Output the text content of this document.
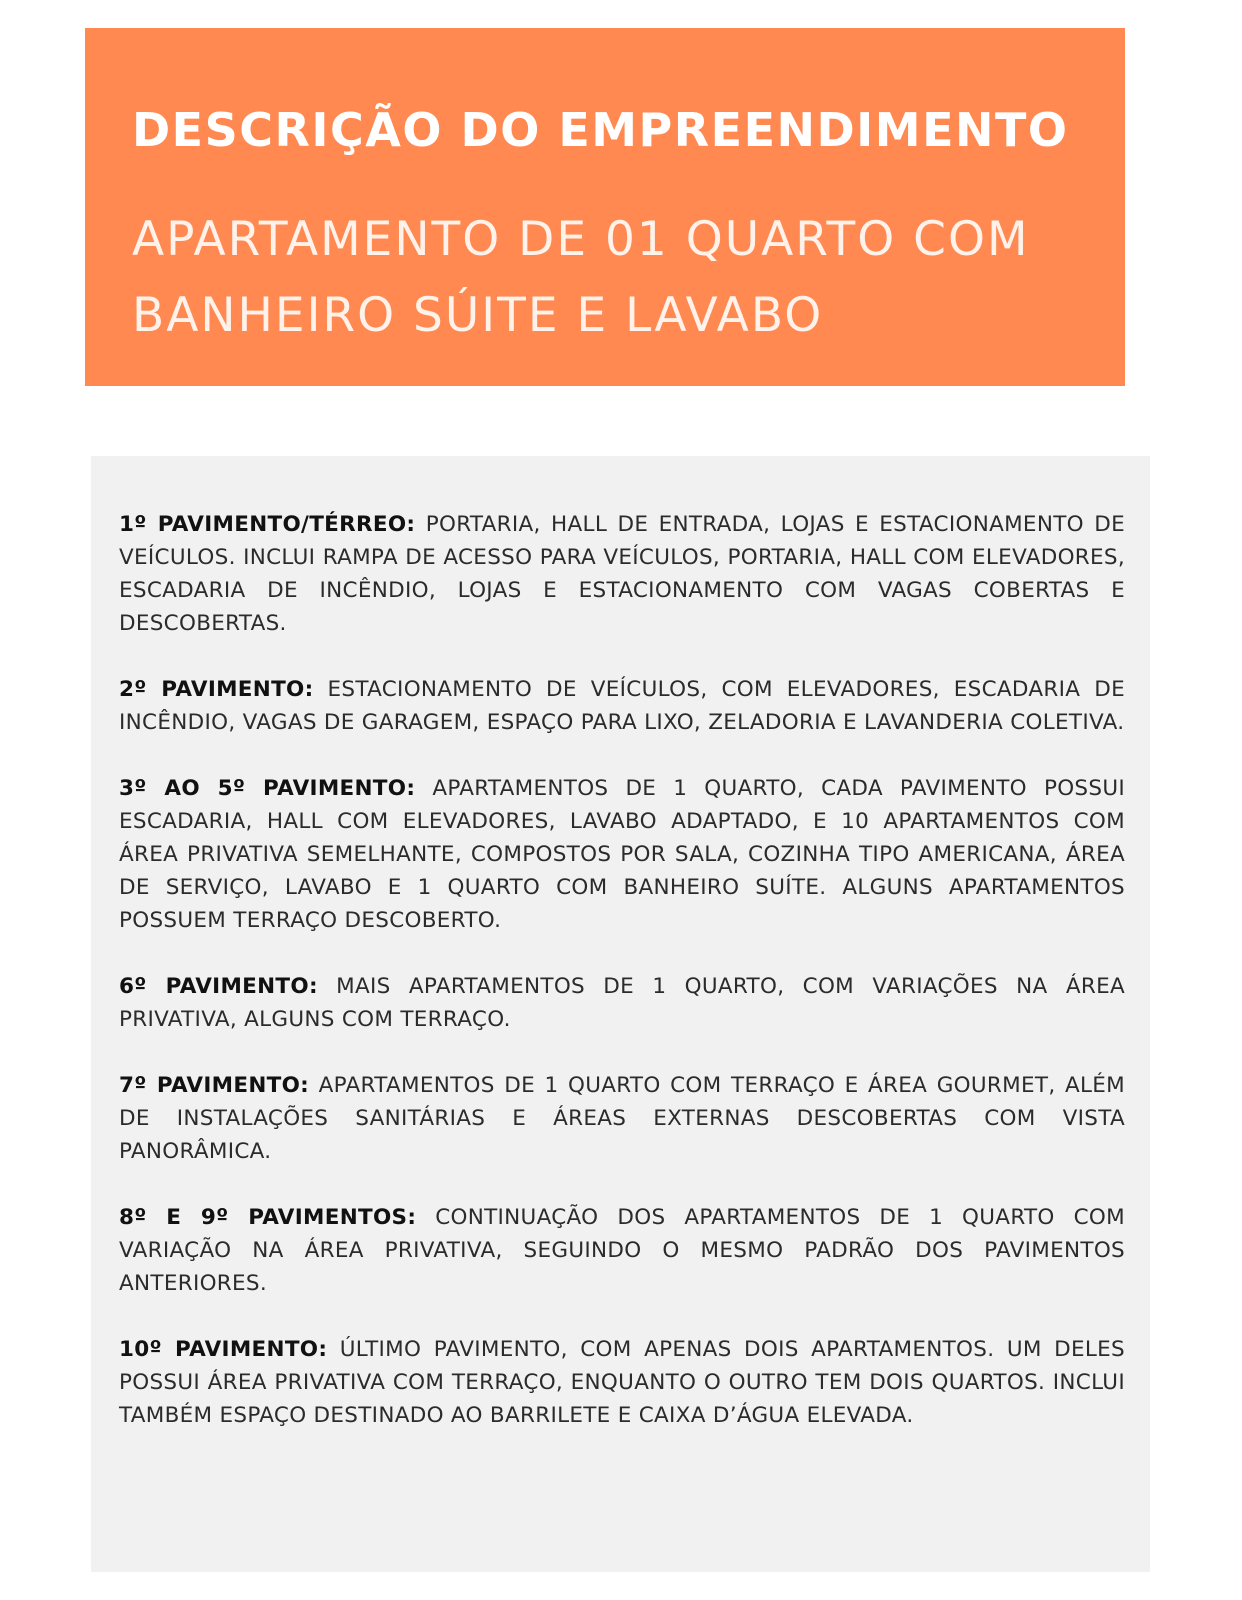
DESCRIÇÃO DO EMPREENDIMENTO
APARTAMENTO DE 01 QUARTO COM
BANHEIRO SÚITE E LAVABO

1º PAVIMENTO/TÉRREO: PORTARIA, HALL DE ENTRADA, LOJAS E ESTACIONAMENTO DE VEÍCULOS. INCLUI RAMPA DE ACESSO PARA VEÍCULOS, PORTARIA, HALL COM ELEVADORES, ESCADARIA DE INCÊNDIO, LOJAS E ESTACIONAMENTO COM VAGAS COBERTAS E DESCOBERTAS.

2º PAVIMENTO: ESTACIONAMENTO DE VEÍCULOS, COM ELEVADORES, ESCADARIA DE INCÊNDIO, VAGAS DE GARAGEM, ESPAÇO PARA LIXO, ZELADORIA E LAVANDERIA COLETIVA.

3º AO 5º PAVIMENTO: APARTAMENTOS DE 1 QUARTO, CADA PAVIMENTO POSSUI ESCADARIA, HALL COM ELEVADORES, LAVABO ADAPTADO, E 10 APARTAMENTOS COM ÁREA PRIVATIVA SEMELHANTE, COMPOSTOS POR SALA, COZINHA TIPO AMERICANA, ÁREA DE SERVIÇO, LAVABO E 1 QUARTO COM BANHEIRO SUÍTE. ALGUNS APARTAMENTOS POSSUEM TERRAÇO DESCOBERTO.

6º PAVIMENTO: MAIS APARTAMENTOS DE 1 QUARTO, COM VARIAÇÕES NA ÁREA PRIVATIVA, ALGUNS COM TERRAÇO.

7º PAVIMENTO: APARTAMENTOS DE 1 QUARTO COM TERRAÇO E ÁREA GOURMET, ALÉM DE INSTALAÇÕES SANITÁRIAS E ÁREAS EXTERNAS DESCOBERTAS COM VISTA PANORÂMICA.

8º E 9º PAVIMENTOS: CONTINUAÇÃO DOS APARTAMENTOS DE 1 QUARTO COM VARIAÇÃO NA ÁREA PRIVATIVA, SEGUINDO O MESMO PADRÃO DOS PAVIMENTOS ANTERIORES.

10º PAVIMENTO: ÚLTIMO PAVIMENTO, COM APENAS DOIS APARTAMENTOS. UM DELES POSSUI ÁREA PRIVATIVA COM TERRAÇO, ENQUANTO O OUTRO TEM DOIS QUARTOS. INCLUI TAMBÉM ESPAÇO DESTINADO AO BARRILETE E CAIXA D’ÁGUA ELEVADA.
